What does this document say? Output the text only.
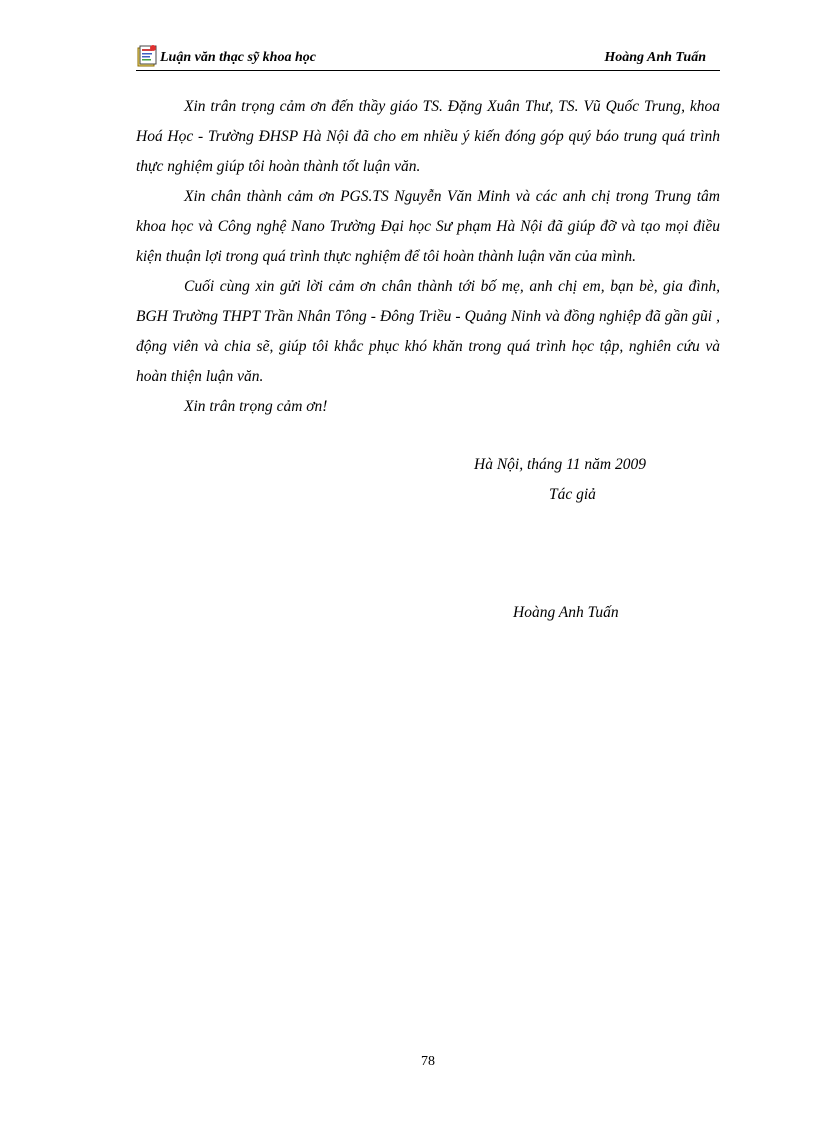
Luận văn thạc sỹ khoa học	Hoàng Anh Tuấn

Xin trân trọng cảm ơn đến thầy giáo TS. Đặng Xuân Thư, TS. Vũ Quốc Trung, khoa Hoá Học - Trường ĐHSP Hà Nội đã cho em nhiều ý kiến đóng góp quý báo trung quá trình thực nghiệm giúp tôi hoàn thành tốt luận văn.

Xin chân thành cảm ơn PGS.TS Nguyễn Văn Minh và các anh chị trong Trung tâm khoa học và Công nghệ Nano Trường Đại học Sư phạm Hà Nội đã giúp đỡ và tạo mọi điều kiện thuận lợi trong quá trình thực nghiệm để tôi hoàn thành luận văn của mình.

Cuối cùng xin gửi lời cảm ơn chân thành tới bố mẹ, anh chị em, bạn bè, gia đình, BGH Trường THPT Trần Nhân Tông - Đông Triều - Quảng Ninh và đồng nghiệp đã gần gũi , động viên và chia sẽ, giúp tôi khắc phục khó khăn trong quá trình học tập, nghiên cứu và hoàn thiện luận văn.

Xin trân trọng cảm ơn!

Hà Nội, tháng 11 năm 2009
Tác giả
Hoàng Anh Tuấn
78
